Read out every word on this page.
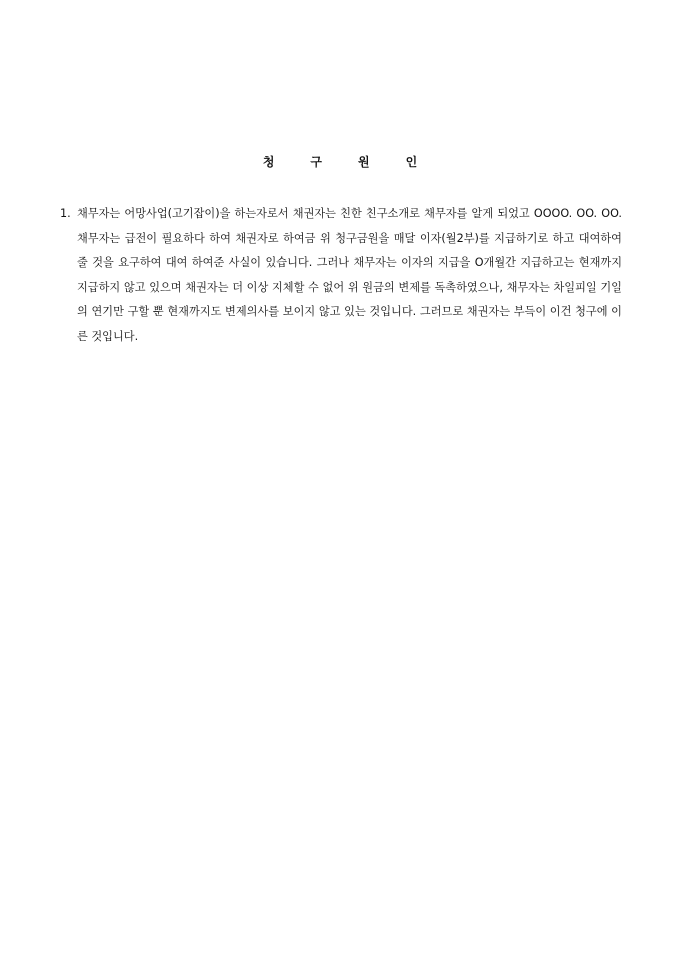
청	구	원	인

1. 채무자는 어망사업(고기잡이)을 하는자로서 채권자는 친한 친구소개로 채무자를 알게 되었고 OOOO. OO. OO. 채무자는 급전이 필요하다 하여 채권자로 하여금 위 청구금원을 매달 이자(월2부)를 지급하기로 하고 대여하여 줄 것을 요구하여 대여 하여준 사실이 있습니다. 그러나 채무자는 이자의 지급을 O개월간 지급하고는 현재까지 지급하지 않고 있으며 채권자는 더 이상 지체할 수 없어 위 원금의 변제를 독촉하였으나, 채무자는 차일피일 기일의 연기만 구할 뿐 현재까지도 변제의사를 보이지 않고 있는 것입니다. 그러므로 채권자는 부득이 이건 청구에 이른 것입니다.
